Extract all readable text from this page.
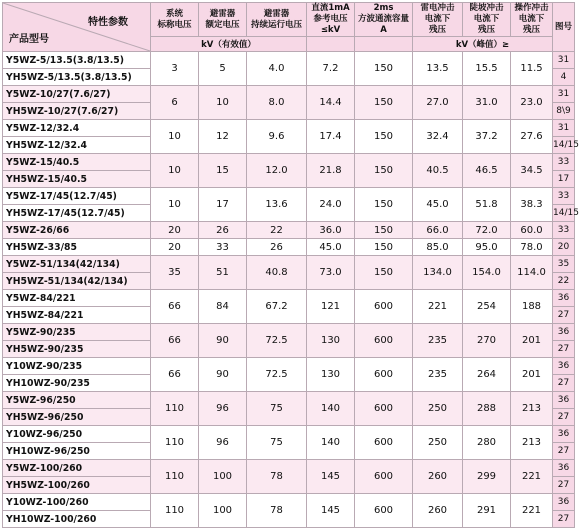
特性参数
产品型号	系统
标称电压	避雷器
额定电压	避雷器
持续运行电压	直流1mA
参考电压
≤kV	2ms
方波通流容量
A	雷电冲击
电流下
残压	陡坡冲击
电流下
残压	操作冲击
电流下
残压	图号
	kV（有效值）					kV（峰值）≥			
Y5WZ-5/13.5(3.8/13.5)	3	5	4.0	7.2	150	13.5	15.5	11.5	31
YH5WZ-5/13.5(3.8/13.5)									4
Y5WZ-10/27(7.6/27)	6	10	8.0	14.4	150	27.0	31.0	23.0	31
YH5WZ-10/27(7.6/27)									8\9
Y5WZ-12/32.4	10	12	9.6	17.4	150	32.4	37.2	27.6	31
YH5WZ-12/32.4									14/15
Y5WZ-15/40.5	10	15	12.0	21.8	150	40.5	46.5	34.5	33
YH5WZ-15/40.5									17
Y5WZ-17/45(12.7/45)	10	17	13.6	24.0	150	45.0	51.8	38.3	33
YH5WZ-17/45(12.7/45)									14/15
Y5WZ-26/66	20	26	22	36.0	150	66.0	72.0	60.0	33
YH5WZ-33/85	20	33	26	45.0	150	85.0	95.0	78.0	20
Y5WZ-51/134(42/134)	35	51	40.8	73.0	150	134.0	154.0	114.0	35
YH5WZ-51/134(42/134)									22
Y5WZ-84/221	66	84	67.2	121	600	221	254	188	36
YH5WZ-84/221									27
Y5WZ-90/235	66	90	72.5	130	600	235	270	201	36
YH5WZ-90/235									27
Y10WZ-90/235	66	90	72.5	130	600	235	264	201	36
YH10WZ-90/235									27
Y5WZ-96/250	110	96	75	140	600	250	288	213	36
YH5WZ-96/250									27
Y10WZ-96/250	110	96	75	140	600	250	280	213	36
YH10WZ-96/250									27
Y5WZ-100/260	110	100	78	145	600	260	299	221	36
YH5WZ-100/260									27
Y10WZ-100/260	110	100	78	145	600	260	291	221	36
YH10WZ-100/260									27
